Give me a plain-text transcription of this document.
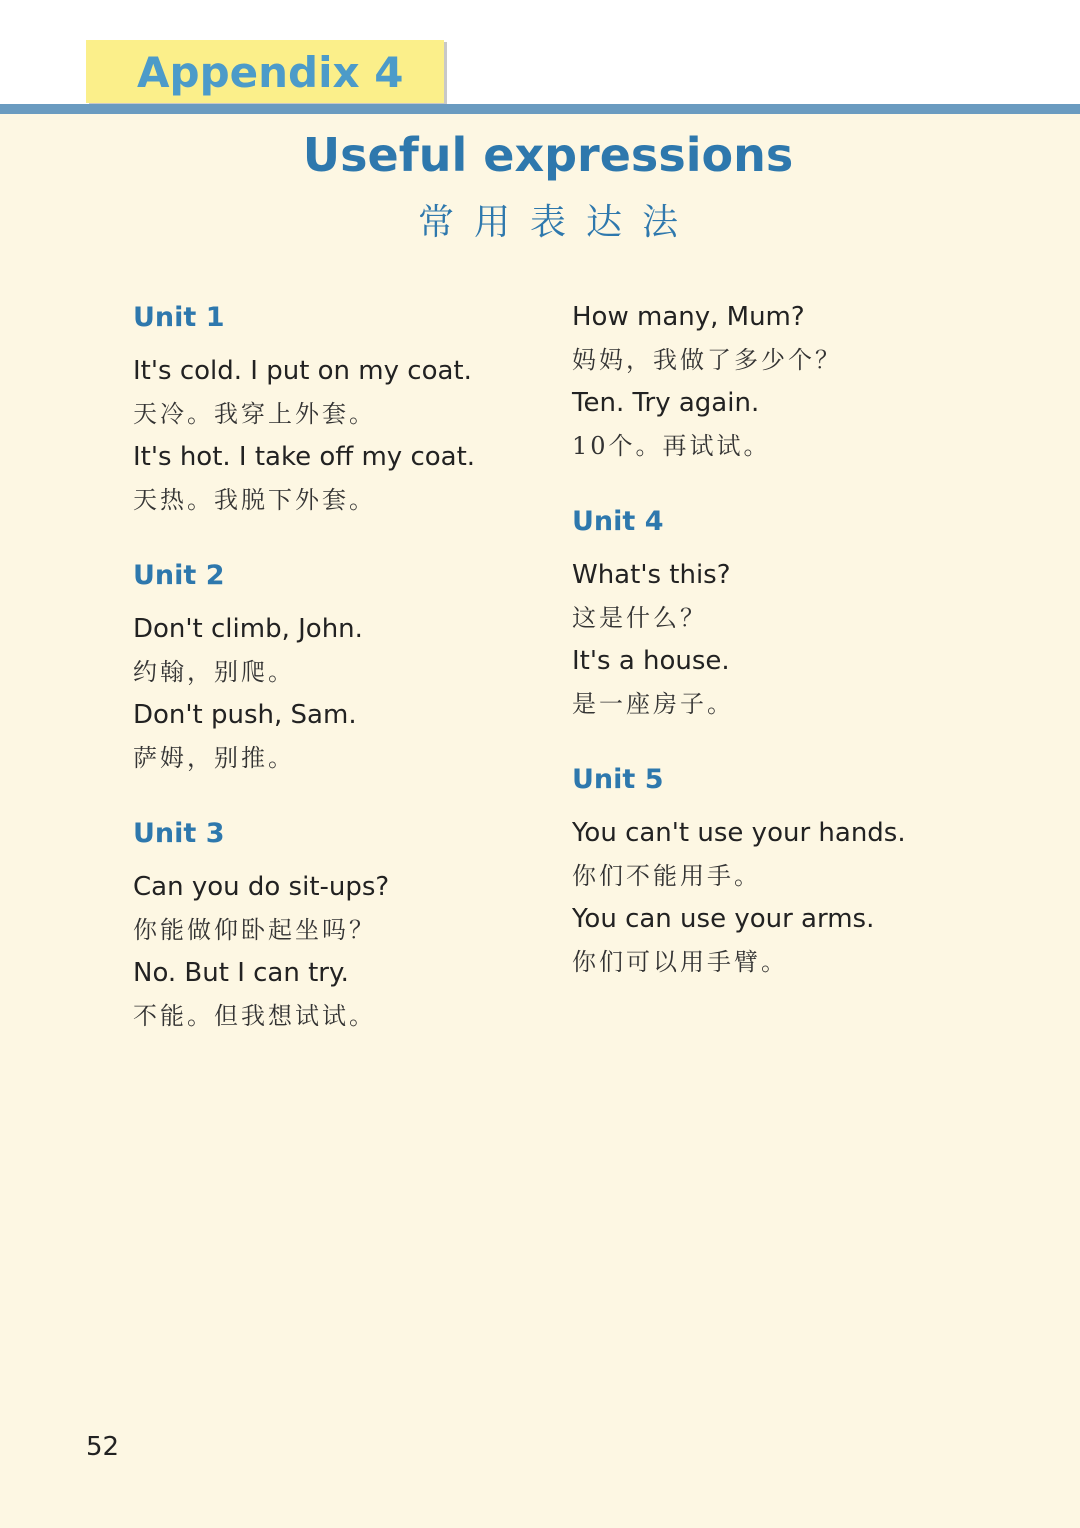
Appendix 4
Useful expressions
常用表达法
Unit 1
It's cold. I put on my coat.
天冷。我穿上外套。
It's hot. I take off my coat.
天热。我脱下外套。
Unit 2
Don't climb, John.
约翰，别爬。
Don't push, Sam.
萨姆，别推。
Unit 3
Can you do sit-ups?
你能做仰卧起坐吗？
No. But I can try.
不能。但我想试试。
How many, Mum?
妈妈，我做了多少个？
Ten. Try again.
10个。再试试。
Unit 4
What's this?
这是什么？
It's a house.
是一座房子。
Unit 5
You can't use your hands.
你们不能用手。
You can use your arms.
你们可以用手臂。
52
